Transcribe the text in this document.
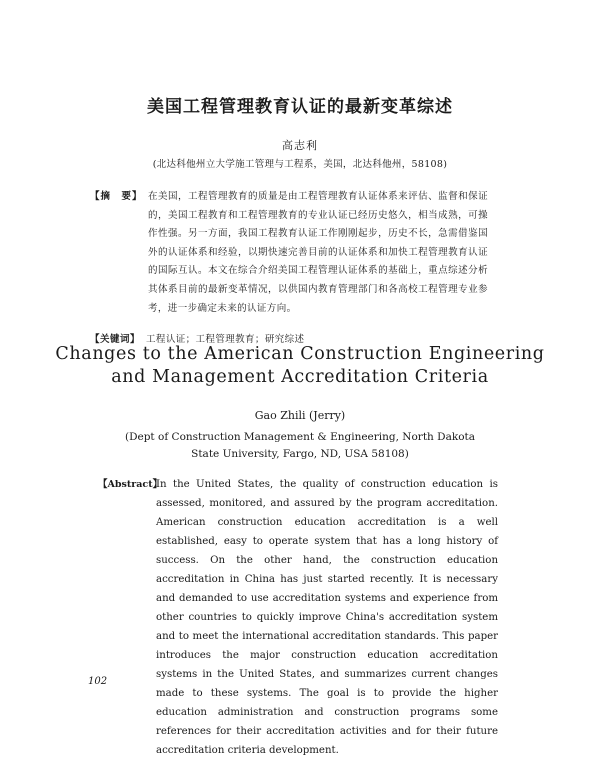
美国工程管理教育认证的最新变革综述
高志利
(北达科他州立大学施工管理与工程系，美国，北达科他州，58108)
【摘　要】 在美国，工程管理教育的质量是由工程管理教育认证体系来评估、监督和保证的，美国工程教育和工程管理教育的专业认证已经历史悠久，相当成熟，可操作性强。另一方面，我国工程教育认证工作刚刚起步，历史不长，急需借鉴国外的认证体系和经验，以期快速完善目前的认证体系和加快工程管理教育认证的国际互认。本文在综合介绍美国工程管理认证体系的基础上，重点综述分析其体系目前的最新变革情况，以供国内教育管理部门和各高校工程管理专业参考，进一步确定未来的认证方向。
【关键词】 工程认证；工程管理教育；研究综述
Changes to the American Construction Engineering
and Management Accreditation Criteria
Gao Zhili (Jerry)
(Dept of Construction Management & Engineering, North Dakota
State University, Fargo, ND, USA 58108)
【Abstract】
In the United States, the quality of construction education is assessed, monitored, and assured by the program accreditation. American construction education accreditation is a well established, easy to operate system that has a long history of success. On the other hand, the construction education accreditation in China has just started recently. It is necessary and demanded to use accreditation systems and experience from other countries to quickly improve China's accreditation system and to meet the international accreditation standards. This paper introduces the major construction education accreditation systems in the United States, and summarizes current changes made to these systems. The goal is to provide the higher education administration and construction programs some references for their accreditation activities and for their future accreditation criteria development.
102
